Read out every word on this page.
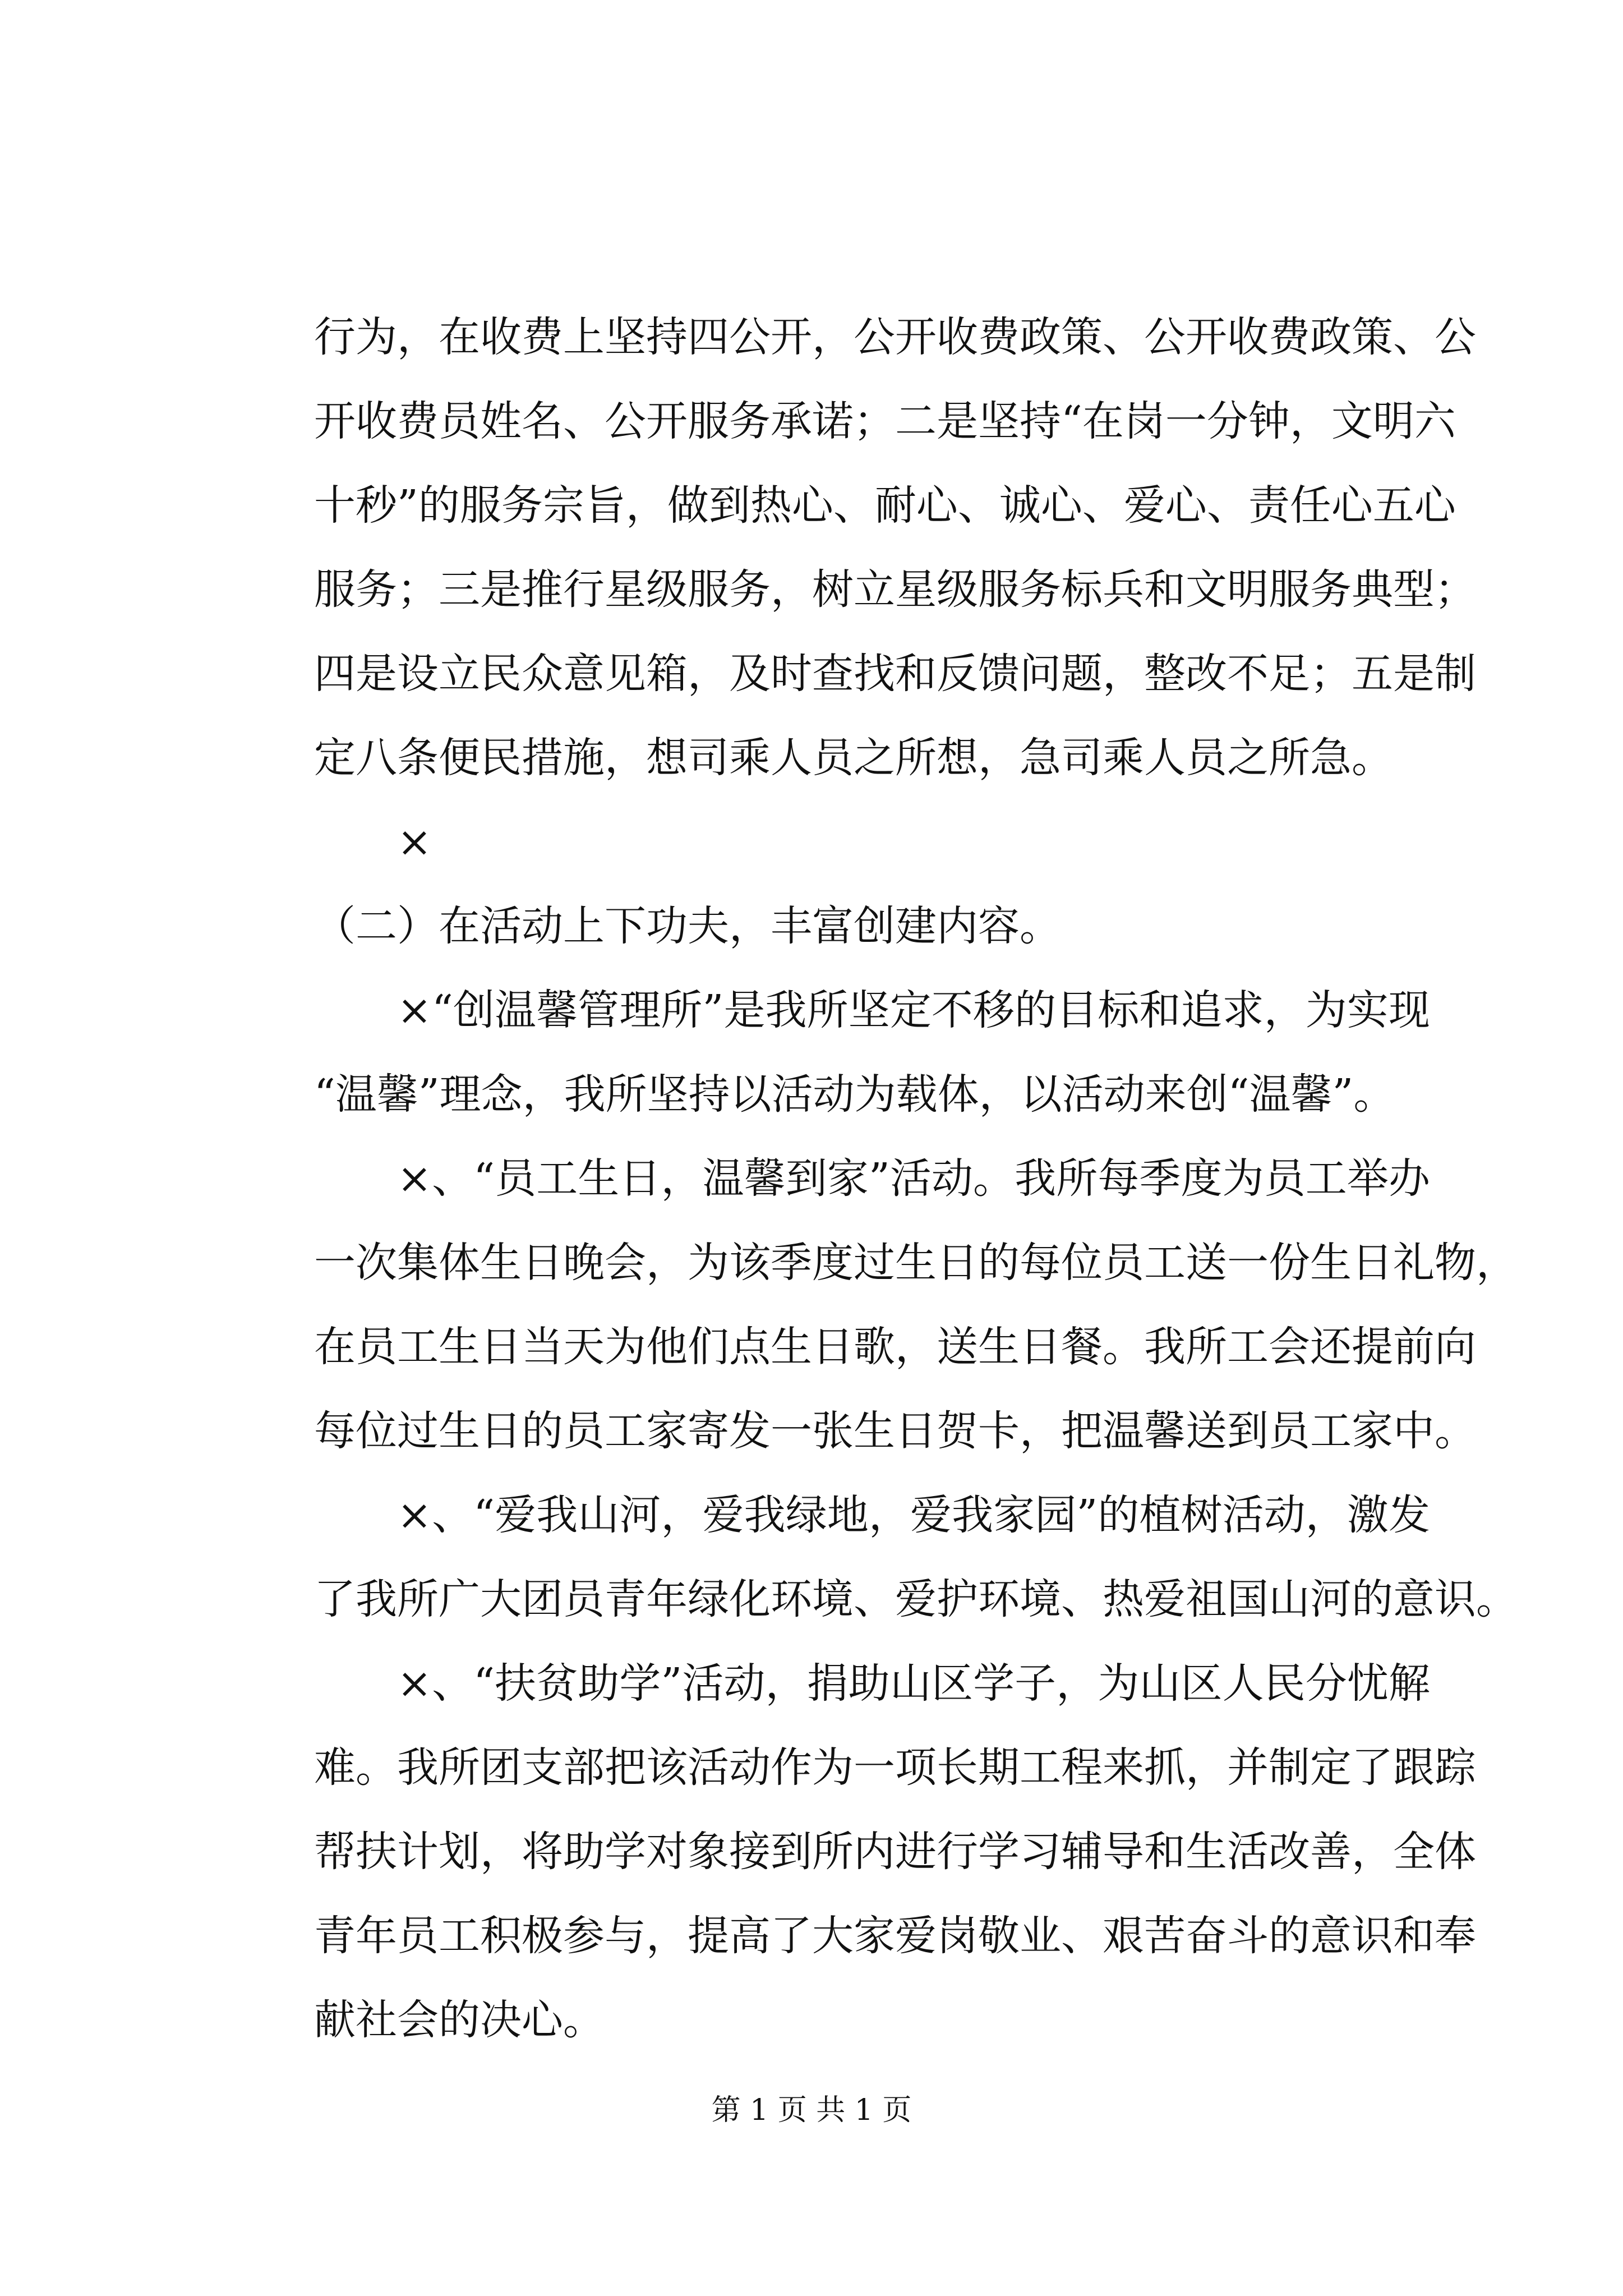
行为，在收费上坚持四公开，公开收费政策、公开收费政策、公

开收费员姓名、公开服务承诺；二是坚持“在岗一分钟，文明六

十秒”的服务宗旨，做到热心、耐心、诚心、爱心、责任心五心

服务；三是推行星级服务，树立星级服务标兵和文明服务典型；

四是设立民众意见箱，及时查找和反馈问题，整改不足；五是制

定八条便民措施，想司乘人员之所想，急司乘人员之所急。

×

（二）在活动上下功夫，丰富创建内容。

×“创温馨管理所”是我所坚定不移的目标和追求，为实现

“温馨”理念，我所坚持以活动为载体，以活动来创“温馨”。

×、“员工生日，温馨到家”活动。我所每季度为员工举办

一次集体生日晚会，为该季度过生日的每位员工送一份生日礼物，

在员工生日当天为他们点生日歌，送生日餐。我所工会还提前向

每位过生日的员工家寄发一张生日贺卡，把温馨送到员工家中。

×、“爱我山河，爱我绿地，爱我家园”的植树活动，激发

了我所广大团员青年绿化环境、爱护环境、热爱祖国山河的意识。

×、“扶贫助学”活动，捐助山区学子，为山区人民分忧解

难。我所团支部把该活动作为一项长期工程来抓，并制定了跟踪

帮扶计划，将助学对象接到所内进行学习辅导和生活改善，全体

青年员工积极参与，提高了大家爱岗敬业、艰苦奋斗的意识和奉

献社会的决心。

第 1 页 共 1 页
